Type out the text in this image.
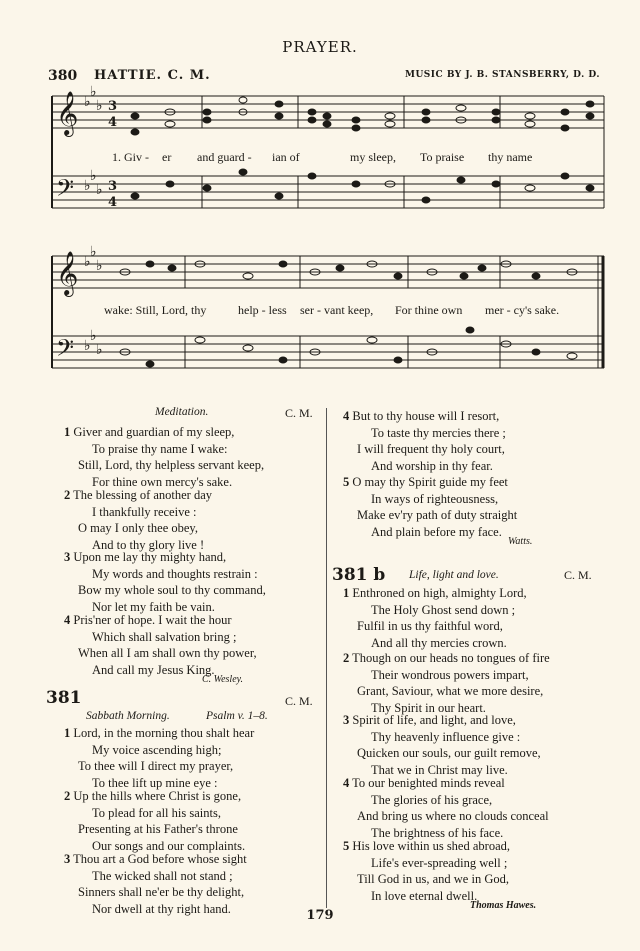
PRAYER.
380 HATTIE. C. M.	MUSIC BY J. B. STANSBERRY, D. D.
𝄞
𝄢
𝄞
𝄢
♭
♭
♭
♭
♭
♭
♭
♭
♭
♭
♭
♭
3
4
3
4
1. Giv - er and guard - ian of	my sleep, To praise thy name
wake: Still, Lord, thy	help - less ser - vant keep, For thine own mer - cy's sake.
Meditation.	C. M.
1 Giver and guardian of my sleep,
To praise thy name I wake:
Still, Lord, thy helpless servant keep,
For thine own mercy's sake.
2 The blessing of another day
I thankfully receive :
O may I only thee obey,
And to thy glory live !
3 Upon me lay thy mighty hand,
My words and thoughts restrain :
Bow my whole soul to thy command,
Nor let my faith be vain.
4 Pris'ner of hope. I wait the hour
Which shall salvation bring ;
When all I am shall own thy power,
And call my Jesus King.
C. Wesley.
381	C. M.
Sabbath Morning.	Psalm v. 1–8.
1 Lord, in the morning thou shalt hear
My voice ascending high;
To thee will I direct my prayer,
To thee lift up mine eye :
2 Up the hills where Christ is gone,
To plead for all his saints,
Presenting at his Father's throne
Our songs and our complaints.
3 Thou art a God before whose sight
The wicked shall not stand ;
Sinners shall ne'er be thy delight,
Nor dwell at thy right hand.
4 But to thy house will I resort,
To taste thy mercies there ;
I will frequent thy holy court,
And worship in thy fear.
5 O may thy Spirit guide my feet
In ways of righteousness,
Make ev'ry path of duty straight
And plain before my face.
Watts.
381 b Life, light and love.	C. M.
1 Enthroned on high, almighty Lord,
The Holy Ghost send down ;
Fulfil in us thy faithful word,
And all thy mercies crown.
2 Though on our heads no tongues of fire
Their wondrous powers impart,
Grant, Saviour, what we more desire,
Thy Spirit in our heart.
3 Spirit of life, and light, and love,
Thy heavenly influence give :
Quicken our souls, our guilt remove,
That we in Christ may live.
4 To our benighted minds reveal
The glories of his grace,
And bring us where no clouds conceal
The brightness of his face.
5 His love within us shed abroad,
Life's ever-spreading well ;
Till God in us, and we in God,
In love eternal dwell.
Thomas Hawes.
179
